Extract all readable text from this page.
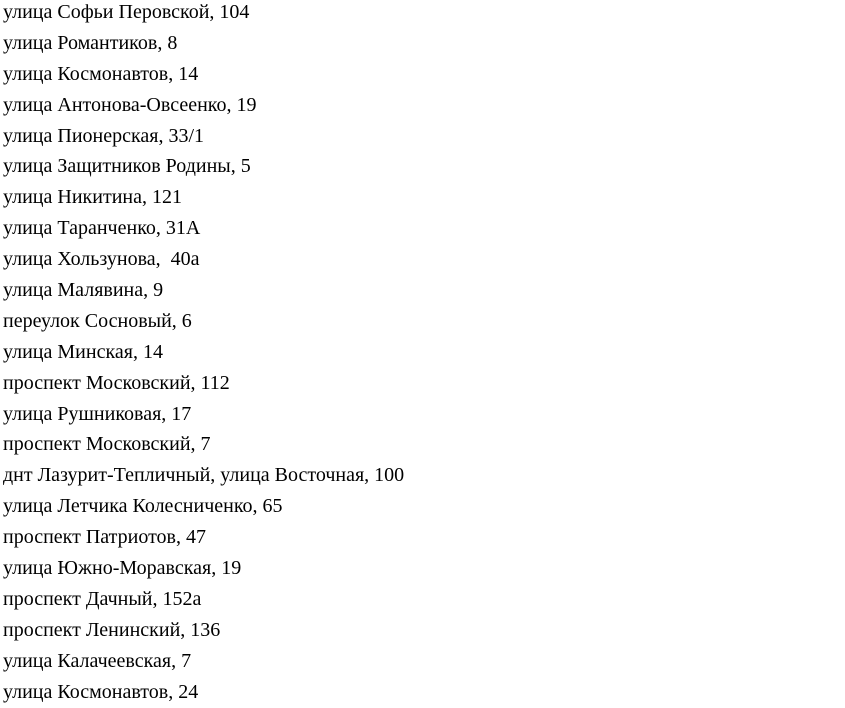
улица Софьи Перовской, 104
улица Романтиков, 8
улица Космонавтов, 14
улица Антонова-Овсеенко, 19
улица Пионерская, 33/1
улица Защитников Родины, 5
улица Никитина, 121
улица Таранченко, 31А
улица Хользунова,  40а
улица Малявина, 9
переулок Сосновый, 6
улица Минская, 14
проспект Московский, 112
улица Рушниковая, 17
проспект Московский, 7
днт Лазурит-Тепличный, улица Восточная, 100
улица Летчика Колесниченко, 65
проспект Патриотов, 47
улица Южно-Моравская, 19
проспект Дачный, 152а
проспект Ленинский, 136
улица Калачеевская, 7
улица Космонавтов, 24
